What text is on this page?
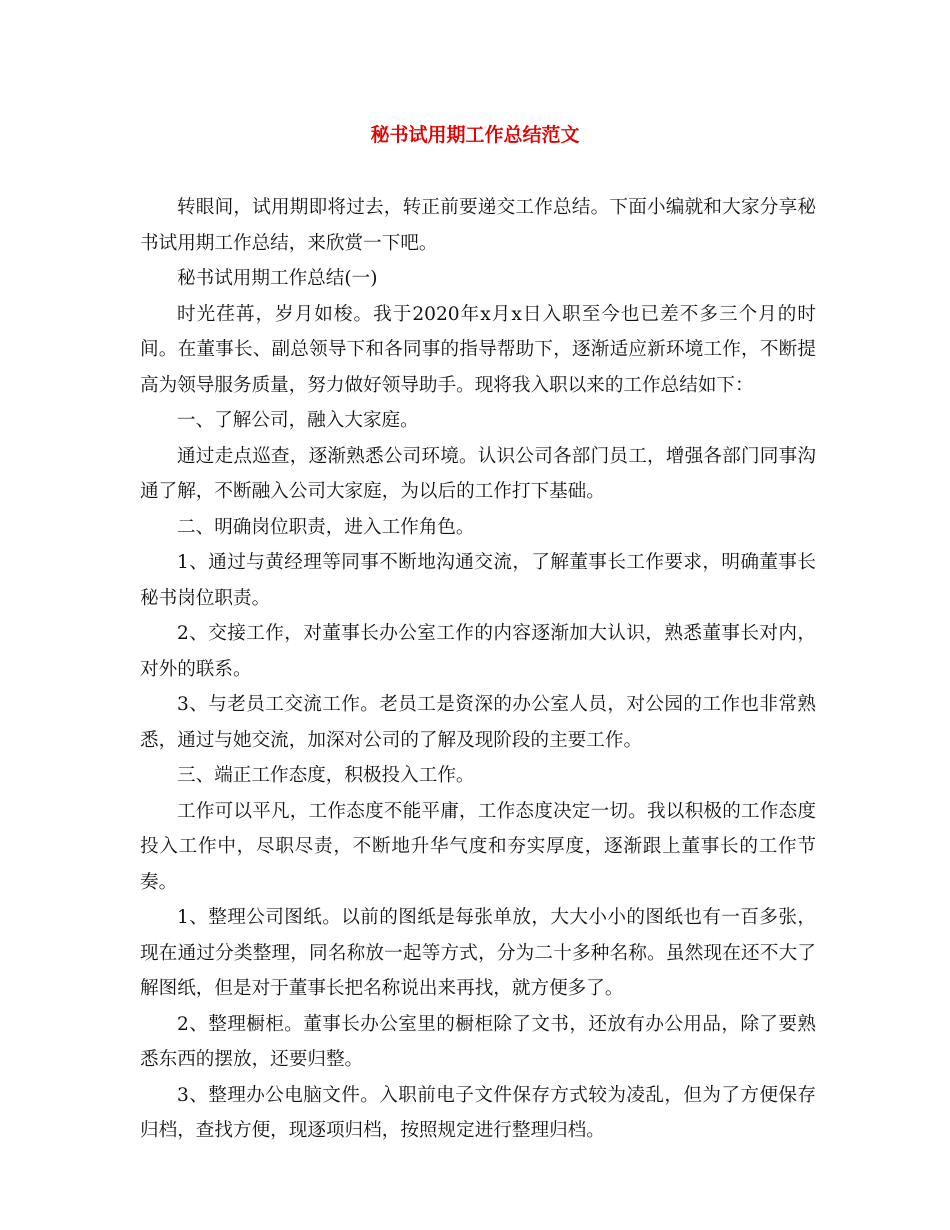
秘书试用期工作总结范文

转眼间，试用期即将过去，转正前要递交工作总结。下面小编就和大家分享秘书试用期工作总结，来欣赏一下吧。

秘书试用期工作总结(一)

时光荏苒，岁月如梭。我于2020年x月x日入职至今也已差不多三个月的时间。在董事长、副总领导下和各同事的指导帮助下，逐渐适应新环境工作，不断提高为领导服务质量，努力做好领导助手。现将我入职以来的工作总结如下：

一、了解公司，融入大家庭。

通过走点巡查，逐渐熟悉公司环境。认识公司各部门员工，增强各部门同事沟通了解，不断融入公司大家庭，为以后的工作打下基础。

二、明确岗位职责，进入工作角色。

1、通过与黄经理等同事不断地沟通交流，了解董事长工作要求，明确董事长秘书岗位职责。

2、交接工作，对董事长办公室工作的内容逐渐加大认识，熟悉董事长对内，对外的联系。

3、与老员工交流工作。老员工是资深的办公室人员，对公园的工作也非常熟悉，通过与她交流，加深对公司的了解及现阶段的主要工作。

三、端正工作态度，积极投入工作。

工作可以平凡，工作态度不能平庸，工作态度决定一切。我以积极的工作态度投入工作中，尽职尽责，不断地升华气度和夯实厚度，逐渐跟上董事长的工作节奏。

1、整理公司图纸。以前的图纸是每张单放，大大小小的图纸也有一百多张，现在通过分类整理，同名称放一起等方式，分为二十多种名称。虽然现在还不大了解图纸，但是对于董事长把名称说出来再找，就方便多了。

2、整理橱柜。董事长办公室里的橱柜除了文书，还放有办公用品，除了要熟悉东西的摆放，还要归整。

3、整理办公电脑文件。入职前电子文件保存方式较为凌乱，但为了方便保存归档，查找方便，现逐项归档，按照规定进行整理归档。
